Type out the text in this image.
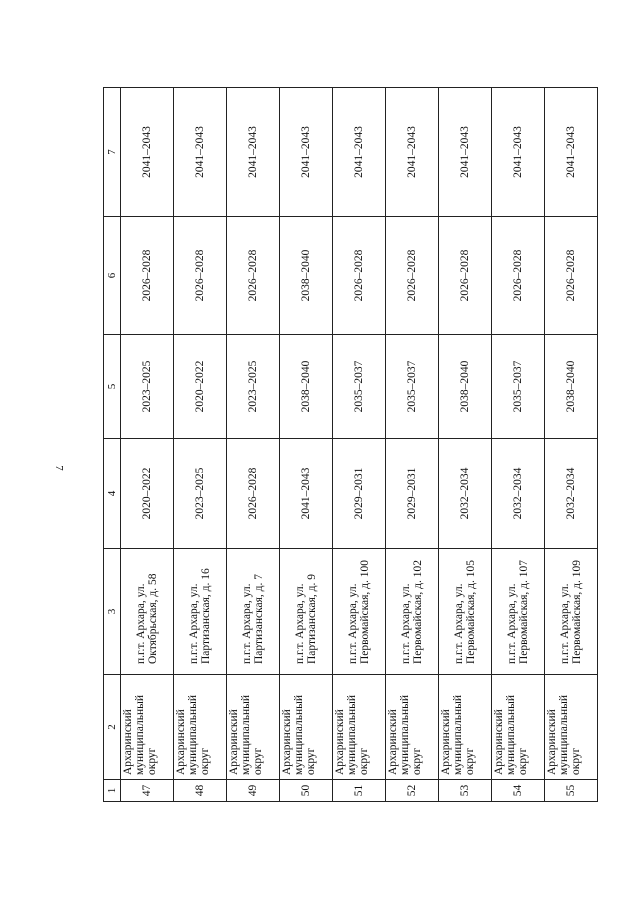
7
1	2	3	4	5	6	7
47	Архаринский муниципальный округ	п.г.т. Архара, ул. Октябрьская, д. 58	2020–2022	2023–2025	2026–2028	2041–2043
48	Архаринский муниципальный округ	п.г.т. Архара, ул. Партизанская, д. 16	2023–2025	2020–2022	2026–2028	2041–2043
49	Архаринский муниципальный округ	п.г.т. Архара, ул. Партизанская, д. 7	2026–2028	2023–2025	2026–2028	2041–2043
50	Архаринский муниципальный округ	п.г.т. Архара, ул. Партизанская, д. 9	2041–2043	2038–2040	2038–2040	2041–2043
51	Архаринский муниципальный округ	п.г.т. Архара, ул. Первомайская, д. 100	2029–2031	2035–2037	2026–2028	2041–2043
52	Архаринский муниципальный округ	п.г.т. Архара, ул. Первомайская, д. 102	2029–2031	2035–2037	2026–2028	2041–2043
53	Архаринский муниципальный округ	п.г.т. Архара, ул. Первомайская, д. 105	2032–2034	2038–2040	2026–2028	2041–2043
54	Архаринский муниципальный округ	п.г.т. Архара, ул. Первомайская, д. 107	2032–2034	2035–2037	2026–2028	2041–2043
55	Архаринский муниципальный округ	п.г.т. Архара, ул. Первомайская, д. 109	2032–2034	2038–2040	2026–2028	2041–2043
